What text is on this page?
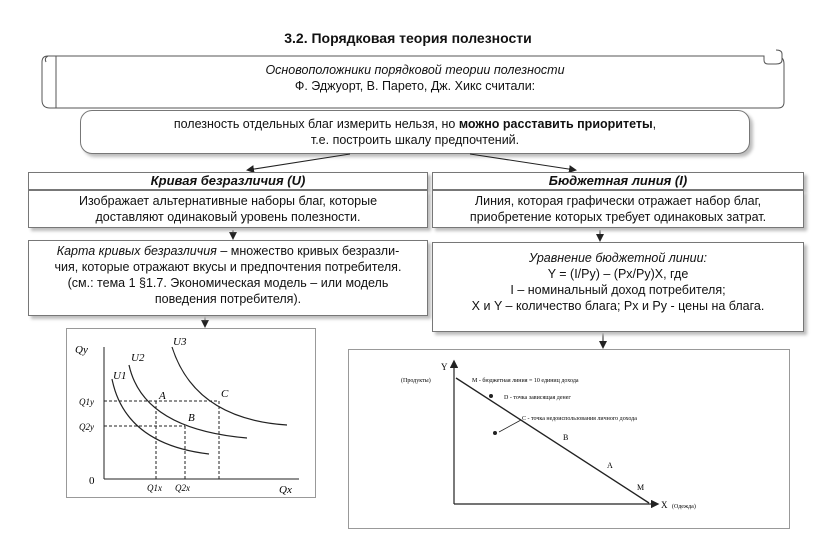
3.2. Порядковая теория полезности
Основоположники порядковой теории полезности
Ф. Эджуорт, В. Парето, Дж. Хикс считали:
полезность отдельных благ измерить нельзя, но можно расставить приоритеты,
т.е. построить шкалу предпочтений.
Кривая безразличия (U)
Изображает альтернативные наборы благ, которые
доставляют одинаковый уровень полезности.
Карта кривых безразличия – множество кривых безразли-
чия, которые отражают вкусы и предпочтения потребителя.
(см.: тема 1 §1.7. Экономическая модель – или модель
поведения потребителя).
Бюджетная линия (I)
Линия, которая графически отражает набор благ,
приобретение которых требует одинаковых затрат.
Уравнение бюджетной линии:
Y = (I/Py) – (Px/Py)X, где
I – номинальный доход потребителя;
X и Y – количество блага; Px и Py - цены на блага.
Qy
Qx
0
U1
U2
U3
A
B
C
Q1y
Q2y
Q1x Q2x
Y
(Продукты)
X (Одежда)
M - бюджетная линия = 10 единиц дохода
D - точка зависящая денег
C - точка недоиспользования личного дохода
B
A
M
